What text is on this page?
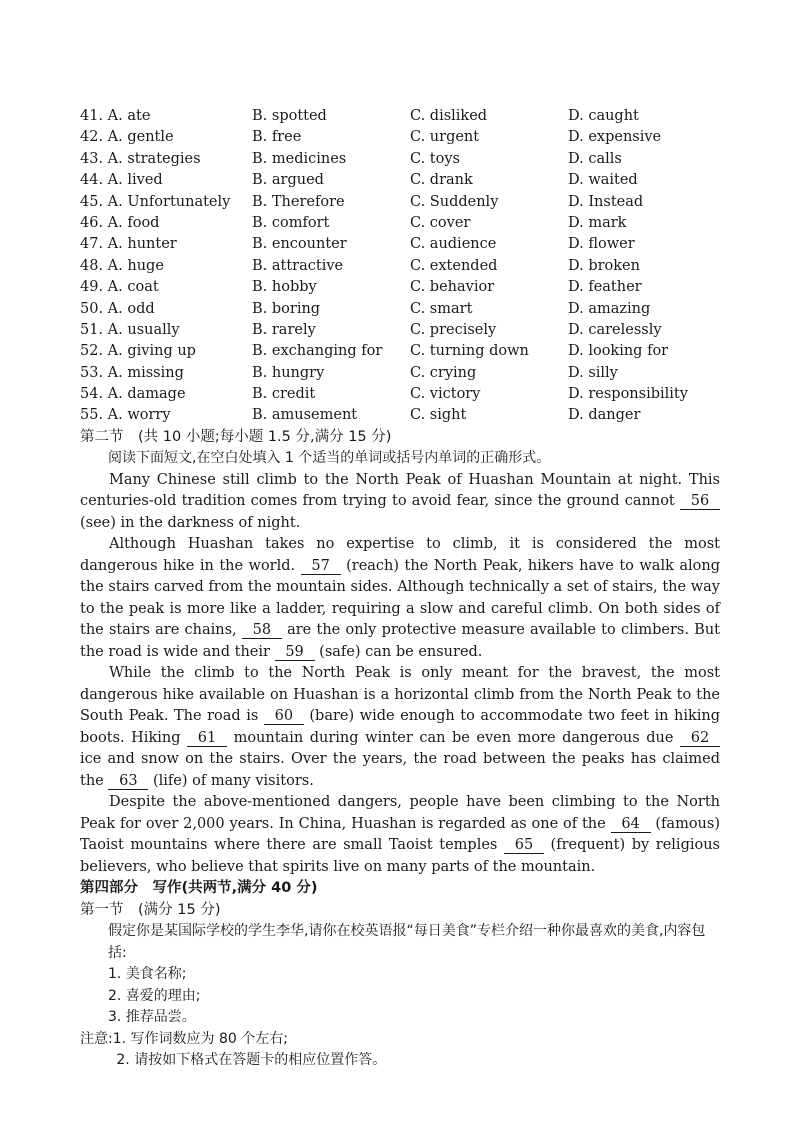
41. A. ate	B. spotted	C. disliked	D. caught
42. A. gentle	B. free	C. urgent	D. expensive
43. A. strategies	B. medicines	C. toys	D. calls
44. A. lived	B. argued	C. drank	D. waited
45. A. Unfortunately	B. Therefore	C. Suddenly	D. Instead
46. A. food	B. comfort	C. cover	D. mark
47. A. hunter	B. encounter	C. audience	D. flower
48. A. huge	B. attractive	C. extended	D. broken
49. A. coat	B. hobby	C. behavior	D. feather
50. A. odd	B. boring	C. smart	D. amazing
51. A. usually	B. rarely	C. precisely	D. carelessly
52. A. giving up	B. exchanging for	C. turning down	D. looking for
53. A. missing	B. hungry	C. crying	D. silly
54. A. damage	B. credit	C. victory	D. responsibility
55. A. worry	B. amusement	C. sight	D. danger
第二节　(共 10 小题;每小题 1.5 分,满分 15 分)
阅读下面短文,在空白处填入 1 个适当的单词或括号内单词的正确形式。

Many Chinese still climb to the North Peak of Huashan Mountain at night. This centuries-old tradition comes from trying to avoid fear, since the ground cannot 56 (see) in the darkness of night.

Although Huashan takes no expertise to climb, it is considered the most dangerous hike in the world. 57 (reach) the North Peak, hikers have to walk along the stairs carved from the mountain sides. Although technically a set of stairs, the way to the peak is more like a ladder, requiring a slow and careful climb. On both sides of the stairs are chains, 58 are the only protective measure available to climbers. But the road is wide and their 59 (safe) can be ensured.

While the climb to the North Peak is only meant for the bravest, the most dangerous hike available on Huashan is a horizontal climb from the North Peak to the South Peak. The road is 60 (bare) wide enough to accommodate two feet in hiking boots. Hiking 61 mountain during winter can be even more dangerous due 62 ice and snow on the stairs. Over the years, the road between the peaks has claimed the 63 (life) of many visitors.

Despite the above-mentioned dangers, people have been climbing to the North Peak for over 2,000 years. In China, Huashan is regarded as one of the 64 (famous) Taoist mountains where there are small Taoist temples 65 (frequent) by religious believers, who believe that spirits live on many parts of the mountain.

第四部分　写作(共两节,满分 40 分)
第一节　(满分 15 分)
假定你是某国际学校的学生李华,请你在校英语报“每日美食”专栏介绍一种你最喜欢的美食,内容包括:
1. 美食名称;
2. 喜爱的理由;
3. 推荐品尝。
注意:1. 写作词数应为 80 个左右;
2. 请按如下格式在答题卡的相应位置作答。
